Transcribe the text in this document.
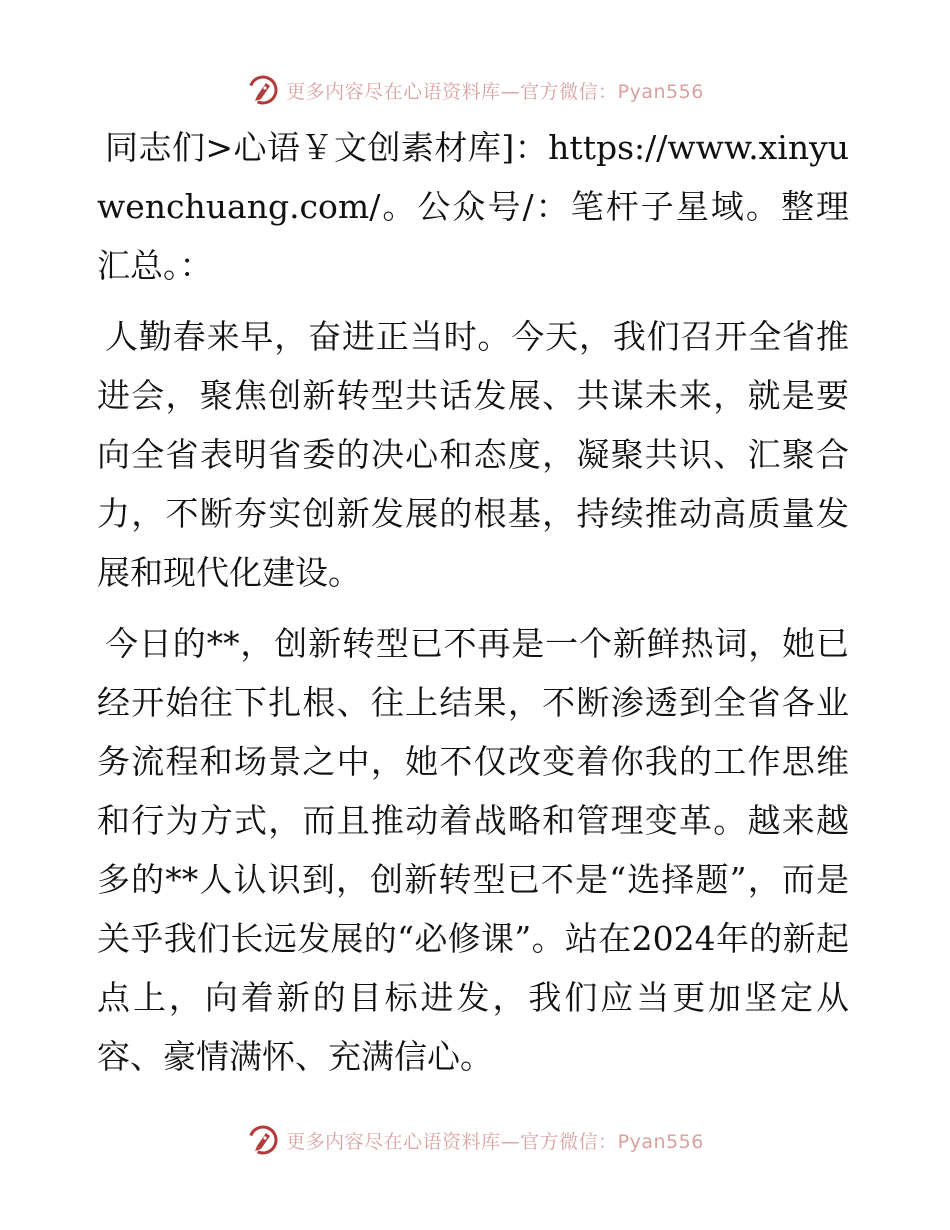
更多内容尽在心语资料库—官方微信：Pyan556

同志们>心语￥文创素材库]：https://www.xinyuwenchuang.com/。公众号/：笔杆子星域。整理汇总。：

人勤春来早，奋进正当时。今天，我们召开全省推进会，聚焦创新转型共话发展、共谋未来，就是要向全省表明省委的决心和态度，凝聚共识、汇聚合力，不断夯实创新发展的根基，持续推动高质量发展和现代化建设。

今日的**，创新转型已不再是一个新鲜热词，她已经开始往下扎根、往上结果，不断渗透到全省各业务流程和场景之中，她不仅改变着你我的工作思维和行为方式，而且推动着战略和管理变革。越来越多的**人认识到，创新转型已不是“选择题”，而是关乎我们长远发展的“必修课”。站在2024年的新起点上，向着新的目标进发，我们应当更加坚定从容、豪情满怀、充满信心。

更多内容尽在心语资料库—官方微信：Pyan556
